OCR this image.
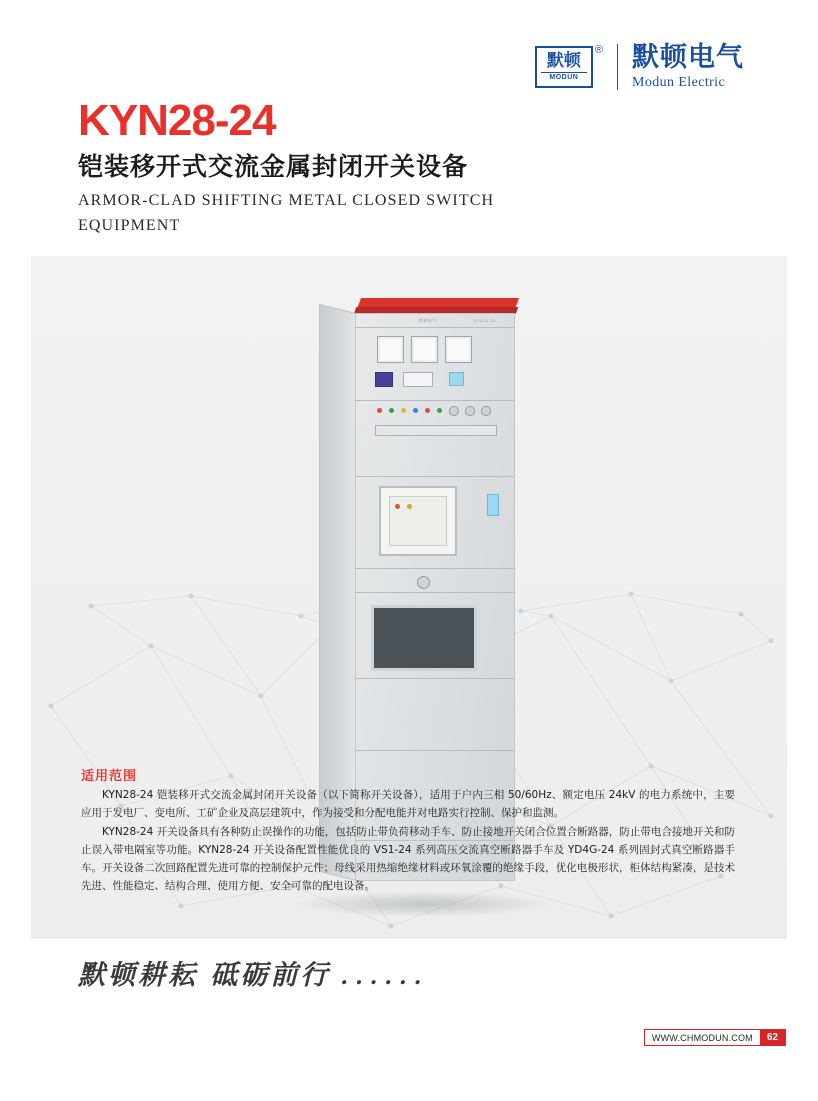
默顿
MODUN
® 默顿电气
Modun Electric
KYN28-24
铠装移开式交流金属封闭开关设备
ARMOR-CLAD SHIFTING METAL CLOSED SWITCH EQUIPMENT
默顿电气	KYN28-24
适用范围
KYN28-24 铠装移开式交流金属封闭开关设备（以下简称开关设备），适用于户内三相 50/60Hz、额定电压 24kV 的电力系统中，主要应用于发电厂、变电所、工矿企业及高层建筑中，作为接受和分配电能并对电路实行控制、保护和监测。
KYN28-24 开关设备具有各种防止误操作的功能，包括防止带负荷移动手车、防止接地开关闭合位置合断路器，防止带电合接地开关和防止误入带电隔室等功能。KYN28-24 开关设备配置性能优良的 VS1-24 系列高压交流真空断路器手车及 YD4G-24 系列固封式真空断路器手车。开关设备二次回路配置先进可靠的控制保护元件；母线采用热缩绝缘材料或环氧涂覆的绝缘手段，优化电极形状，柜体结构紧凑，是技术先进、性能稳定、结构合理、使用方便、安全可靠的配电设备。
默顿耕耘 砥砺前行 ......
WWW.CHMODUN.COM	62
